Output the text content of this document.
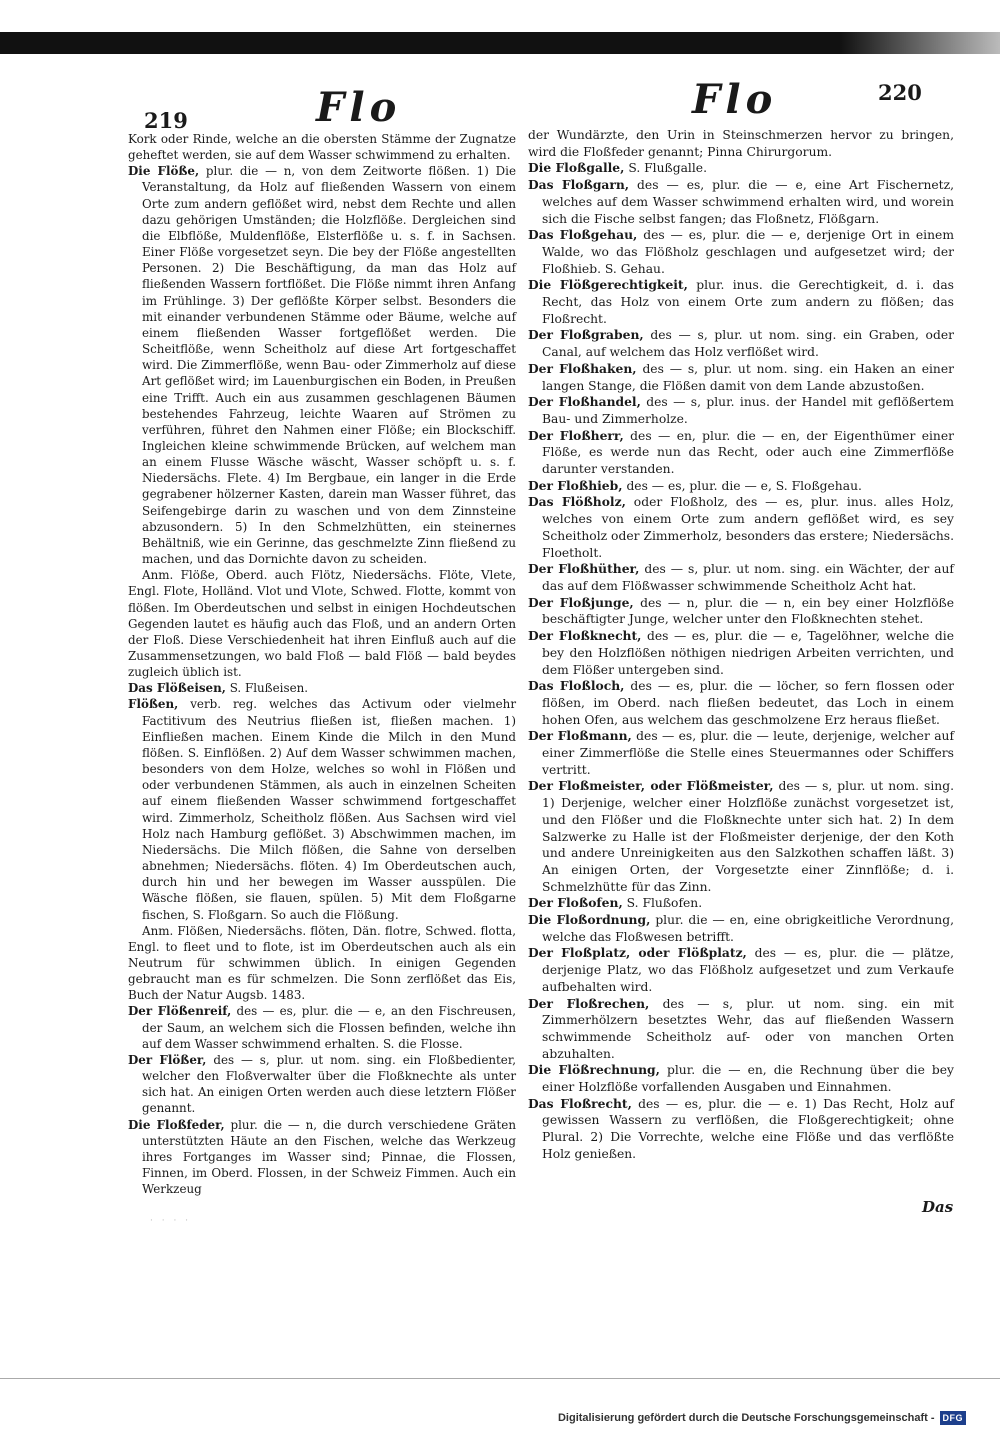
219	Flo	Flo	220

Kork oder Rinde, welche an die obersten Stämme der Zugnatze geheftet werden, sie auf dem Wasser schwimmend zu erhalten.

Die Flöße, plur. die — n, von dem Zeitworte flößen. 1) Die Veranstaltung, da Holz auf fließenden Wassern von einem Orte zum andern geflößet wird, nebst dem Rechte und allen dazu gehörigen Umständen; die Holzflöße. Dergleichen sind die Elbflöße, Muldenflöße, Elsterflöße u. s. f. in Sachsen. Einer Flöße vorgesetzet seyn. Die bey der Flöße angestellten Personen. 2) Die Beschäftigung, da man das Holz auf fließenden Wassern fortflößet. Die Flöße nimmt ihren Anfang im Frühlinge. 3) Der geflößte Körper selbst. Besonders die mit einander verbundenen Stämme oder Bäume, welche auf einem fließenden Wasser fortgeflößet werden. Die Scheitflöße, wenn Scheitholz auf diese Art fortgeschaffet wird. Die Zimmerflöße, wenn Bau- oder Zimmerholz auf diese Art geflößet wird; im Lauenburgischen ein Boden, in Preußen eine Trifft. Auch ein aus zusammen geschlagenen Bäumen bestehendes Fahrzeug, leichte Waaren auf Strömen zu verführen, führet den Nahmen einer Flöße; ein Blockschiff. Ingleichen kleine schwimmende Brücken, auf welchem man an einem Flusse Wäsche wäscht, Wasser schöpft u. s. f. Niedersächs. Flete. 4) Im Bergbaue, ein langer in die Erde gegrabener hölzerner Kasten, darein man Wasser führet, das Seifengebirge darin zu waschen und von dem Zinnsteine abzusondern. 5) In den Schmelzhütten, ein steinernes Behältniß, wie ein Gerinne, das geschmelzte Zinn fließend zu machen, und das Dornichte davon zu scheiden.

Anm. Flöße, Oberd. auch Flötz, Niedersächs. Flöte, Vlete, Engl. Flote, Holländ. Vlot und Vlote, Schwed. Flotte, kommt von flößen. Im Oberdeutschen und selbst in einigen Hochdeutschen Gegenden lautet es häufig auch das Floß, und an andern Orten der Floß. Diese Verschiedenheit hat ihren Einfluß auch auf die Zusammensetzungen, wo bald Floß — bald Flöß — bald beydes zugleich üblich ist.

Das Flößeisen, S. Flußeisen.

Flößen, verb. reg. welches das Activum oder vielmehr Factitivum des Neutrius fließen ist, fließen machen. 1) Einfließen machen. Einem Kinde die Milch in den Mund flößen. S. Einflößen. 2) Auf dem Wasser schwimmen machen, besonders von dem Holze, welches so wohl in Flößen und oder verbundenen Stämmen, als auch in einzelnen Scheiten auf einem fließenden Wasser schwimmend fortgeschaffet wird. Zimmerholz, Scheitholz flößen. Aus Sachsen wird viel Holz nach Hamburg geflößet. 3) Abschwimmen machen, im Niedersächs. Die Milch flößen, die Sahne von derselben abnehmen; Niedersächs. flöten. 4) Im Oberdeutschen auch, durch hin und her bewegen im Wasser ausspülen. Die Wäsche flößen, sie flauen, spülen. 5) Mit dem Floßgarne fischen, S. Floßgarn. So auch die Flößung.

Anm. Flößen, Niedersächs. flöten, Dän. flotre, Schwed. flotta, Engl. to fleet und to flote, ist im Oberdeutschen auch als ein Neutrum für schwimmen üblich. In einigen Gegenden gebraucht man es für schmelzen. Die Sonn zerflößet das Eis, Buch der Natur Augsb. 1483.

Der Flößenreif, des — es, plur. die — e, an den Fischreusen, der Saum, an welchem sich die Flossen befinden, welche ihn auf dem Wasser schwimmend erhalten. S. die Flosse.

Der Flößer, des — s, plur. ut nom. sing. ein Floßbedienter, welcher den Floßverwalter über die Floßknechte als unter sich hat. An einigen Orten werden auch diese letztern Flößer genannt.

Die Floßfeder, plur. die — n, die durch verschiedene Gräten unterstützten Häute an den Fischen, welche das Werkzeug ihres Fortganges im Wasser sind; Pinnae, die Flossen, Finnen, im Oberd. Flossen, in der Schweiz Fimmen. Auch ein Werkzeug

der Wundärzte, den Urin in Steinschmerzen hervor zu bringen, wird die Floßfeder genannt; Pinna Chirurgorum.

Die Floßgalle, S. Flußgalle.

Das Floßgarn, des — es, plur. die — e, eine Art Fischernetz, welches auf dem Wasser schwimmend erhalten wird, und worein sich die Fische selbst fangen; das Floßnetz, Flößgarn.

Das Floßgehau, des — es, plur. die — e, derjenige Ort in einem Walde, wo das Flößholz geschlagen und aufgesetzet wird; der Floßhieb. S. Gehau.

Die Flößgerechtigkeit, plur. inus. die Gerechtigkeit, d. i. das Recht, das Holz von einem Orte zum andern zu flößen; das Floßrecht.

Der Floßgraben, des — s, plur. ut nom. sing. ein Graben, oder Canal, auf welchem das Holz verflößet wird.

Der Floßhaken, des — s, plur. ut nom. sing. ein Haken an einer langen Stange, die Flößen damit von dem Lande abzustoßen.

Der Floßhandel, des — s, plur. inus. der Handel mit geflößertem Bau- und Zimmerholze.

Der Floßherr, des — en, plur. die — en, der Eigenthümer einer Flöße, es werde nun das Recht, oder auch eine Zimmerflöße darunter verstanden.

Der Floßhieb, des — es, plur. die — e, S. Floßgehau.

Das Flößholz, oder Floßholz, des — es, plur. inus. alles Holz, welches von einem Orte zum andern geflößet wird, es sey Scheitholz oder Zimmerholz, besonders das erstere; Niedersächs. Floetholt.

Der Floßhüther, des — s, plur. ut nom. sing. ein Wächter, der auf das auf dem Flößwasser schwimmende Scheitholz Acht hat.

Der Floßjunge, des — n, plur. die — n, ein bey einer Holzflöße beschäftigter Junge, welcher unter den Floßknechten stehet.

Der Floßknecht, des — es, plur. die — e, Tagelöhner, welche die bey den Holzflößen nöthigen niedrigen Arbeiten verrichten, und dem Flößer untergeben sind.

Das Floßloch, des — es, plur. die — löcher, so fern flossen oder flößen, im Oberd. nach fließen bedeutet, das Loch in einem hohen Ofen, aus welchem das geschmolzene Erz heraus fließet.

Der Floßmann, des — es, plur. die — leute, derjenige, welcher auf einer Zimmerflöße die Stelle eines Steuermannes oder Schiffers vertritt.

Der Floßmeister, oder Flößmeister, des — s, plur. ut nom. sing. 1) Derjenige, welcher einer Holzflöße zunächst vorgesetzet ist, und den Flößer und die Floßknechte unter sich hat. 2) In dem Salzwerke zu Halle ist der Floßmeister derjenige, der den Koth und andere Unreinigkeiten aus den Salzkothen schaffen läßt. 3) An einigen Orten, der Vorgesetzte einer Zinnflöße; d. i. Schmelzhütte für das Zinn.

Der Floßofen, S. Flußofen.

Die Floßordnung, plur. die — en, eine obrigkeitliche Verordnung, welche das Floßwesen betrifft.

Der Floßplatz, oder Flößplatz, des — es, plur. die — plätze, derjenige Platz, wo das Flößholz aufgesetzet und zum Verkaufe aufbehalten wird.

Der Floßrechen, des — s, plur. ut nom. sing. ein mit Zimmerhölzern besetztes Wehr, das auf fließenden Wassern schwimmende Scheitholz auf- oder von manchen Orten abzuhalten.

Die Flößrechnung, plur. die — en, die Rechnung über die bey einer Holzflöße vorfallenden Ausgaben und Einnahmen.

Das Floßrecht, des — es, plur. die — e. 1) Das Recht, Holz auf gewissen Wassern zu verflößen, die Floßgerechtigkeit; ohne Plural. 2) Die Vorrechte, welche eine Flöße und das verflößte Holz genießen.

· · · ·
Das
Digitalisierung gefördert durch die Deutsche Forschungsgemeinschaft - DFG
